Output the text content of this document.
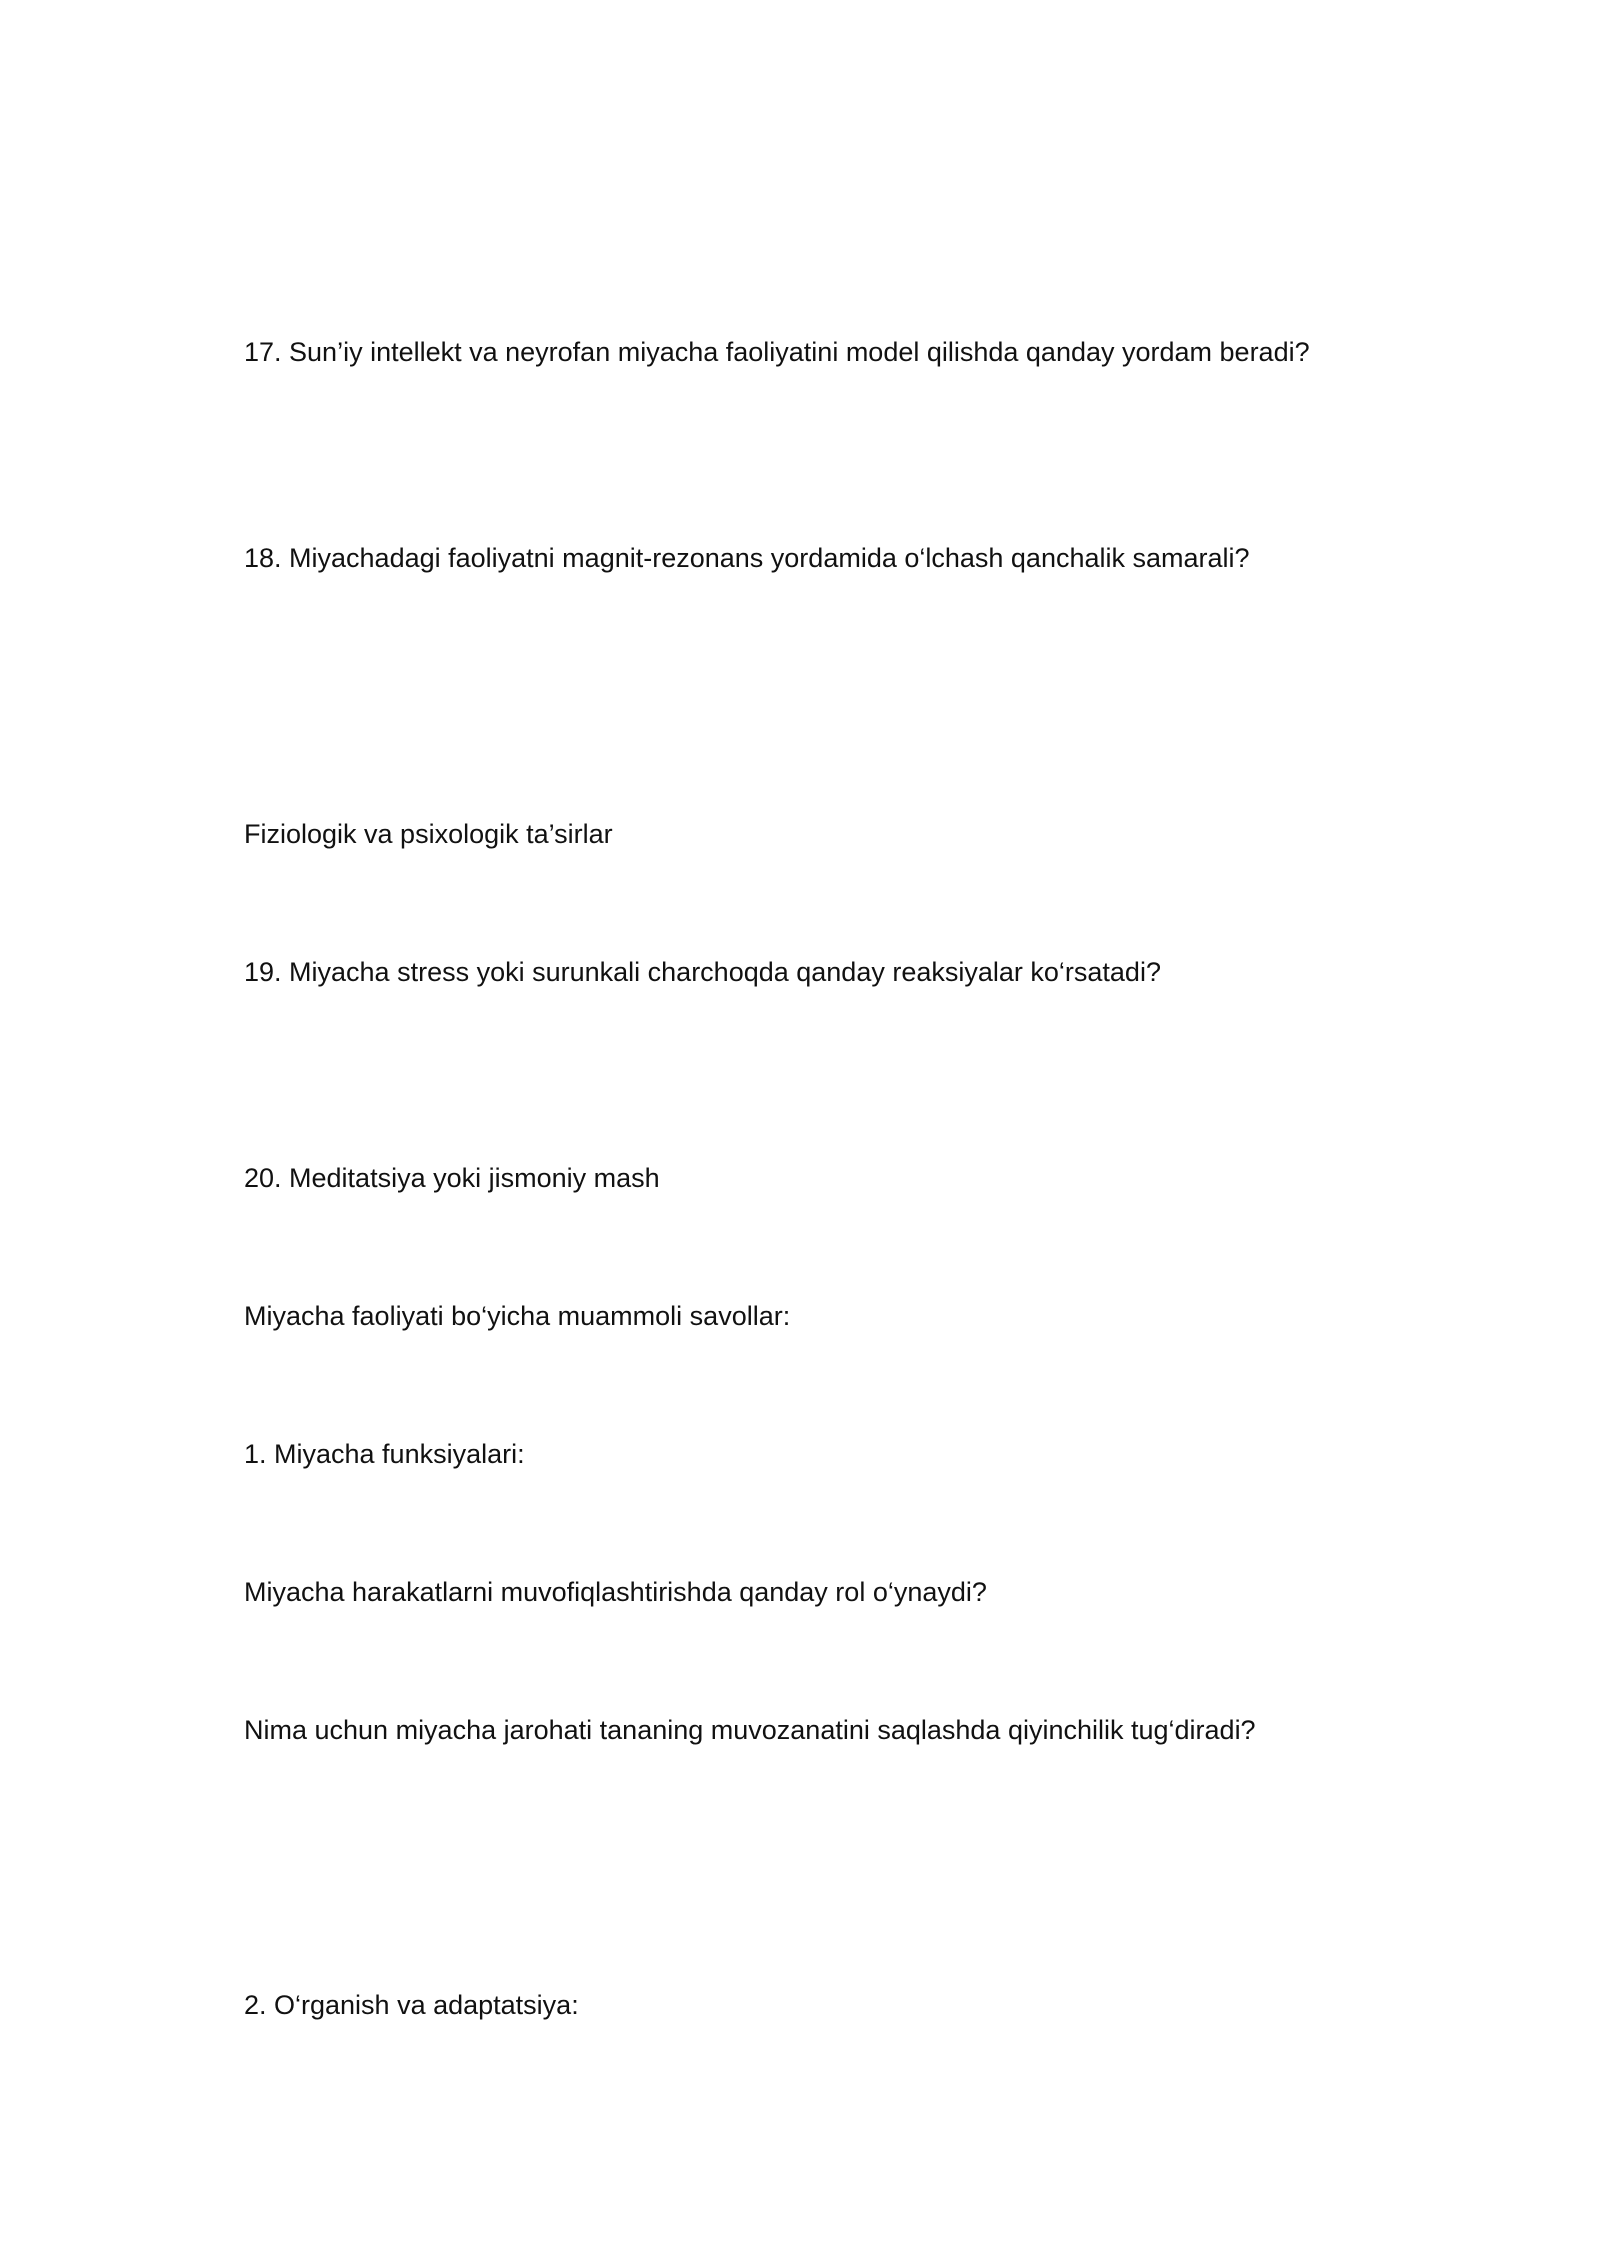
17. Sun’iy intellekt va neyrofan miyacha faoliyatini model qilishda qanday yordam beradi?
18. Miyachadagi faoliyatni magnit-rezonans yordamida o‘lchash qanchalik samarali?
Fiziologik va psixologik ta’sirlar
19. Miyacha stress yoki surunkali charchoqda qanday reaksiyalar ko‘rsatadi?
20. Meditatsiya yoki jismoniy mash
Miyacha faoliyati bo‘yicha muammoli savollar:
1. Miyacha funksiyalari:
Miyacha harakatlarni muvofiqlashtirishda qanday rol o‘ynaydi?
Nima uchun miyacha jarohati tananing muvozanatini saqlashda qiyinchilik tug‘diradi?
2. O‘rganish va adaptatsiya:
